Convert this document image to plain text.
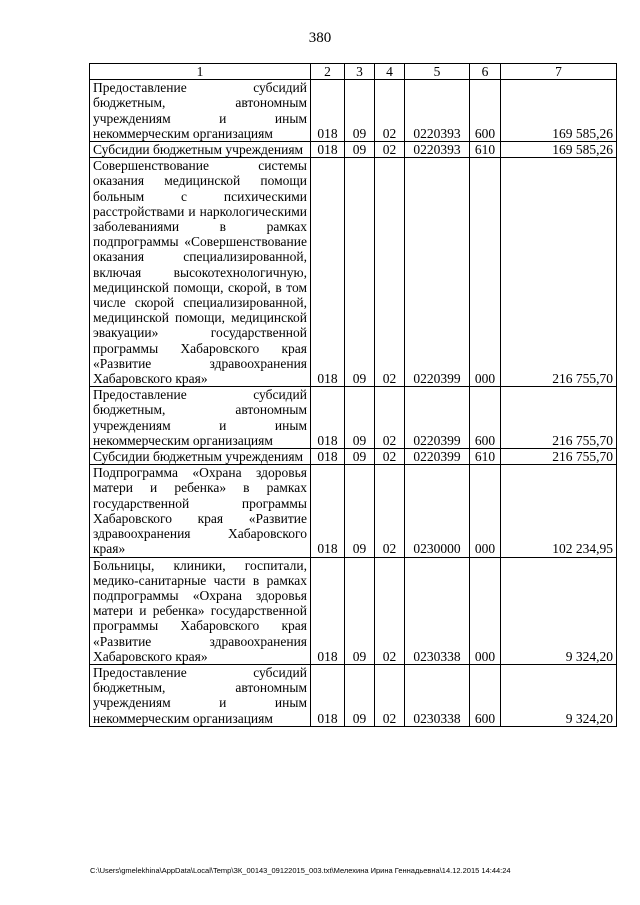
380
1	2	3	4	5	6	7
Предоставление субсидий бюджетным, автономным учреждениям и иным некоммерческим организациям	018	09	02	0220393	600	169 585,26
Субсидии бюджетным учреждениям	018	09	02	0220393	610	169 585,26
Совершенствование системы оказания медицинской помощи больным с психическими расстройствами и наркологическими заболеваниями в рамках подпрограммы «Совершенствование оказания специализированной, включая высокотехнологичную, медицинской помощи, скорой, в том числе скорой специализированной, медицинской помощи, медицинской эвакуации» государственной программы Хабаровского края «Развитие здравоохранения Хабаровского края»	018	09	02	0220399	000	216 755,70
Предоставление субсидий бюджетным, автономным учреждениям и иным некоммерческим организациям	018	09	02	0220399	600	216 755,70
Субсидии бюджетным учреждениям	018	09	02	0220399	610	216 755,70
Подпрограмма «Охрана здоровья матери и ребенка» в рамках государственной программы Хабаровского края «Развитие здравоохранения Хабаровского края»	018	09	02	0230000	000	102 234,95
Больницы, клиники, госпитали, медико-санитарные части в рамках подпрограммы «Охрана здоровья матери и ребенка» государственной программы Хабаровского края «Развитие здравоохранения Хабаровского края»	018	09	02	0230338	000	9 324,20
Предоставление субсидий бюджетным, автономным учреждениям и иным некоммерческим организациям	018	09	02	0230338	600	9 324,20
C:\Users\gmelekhina\AppData\Local\Temp\ЗК_00143_09122015_003.txt\Мелехина Ирина Геннадьевна\14.12.2015 14:44:24
